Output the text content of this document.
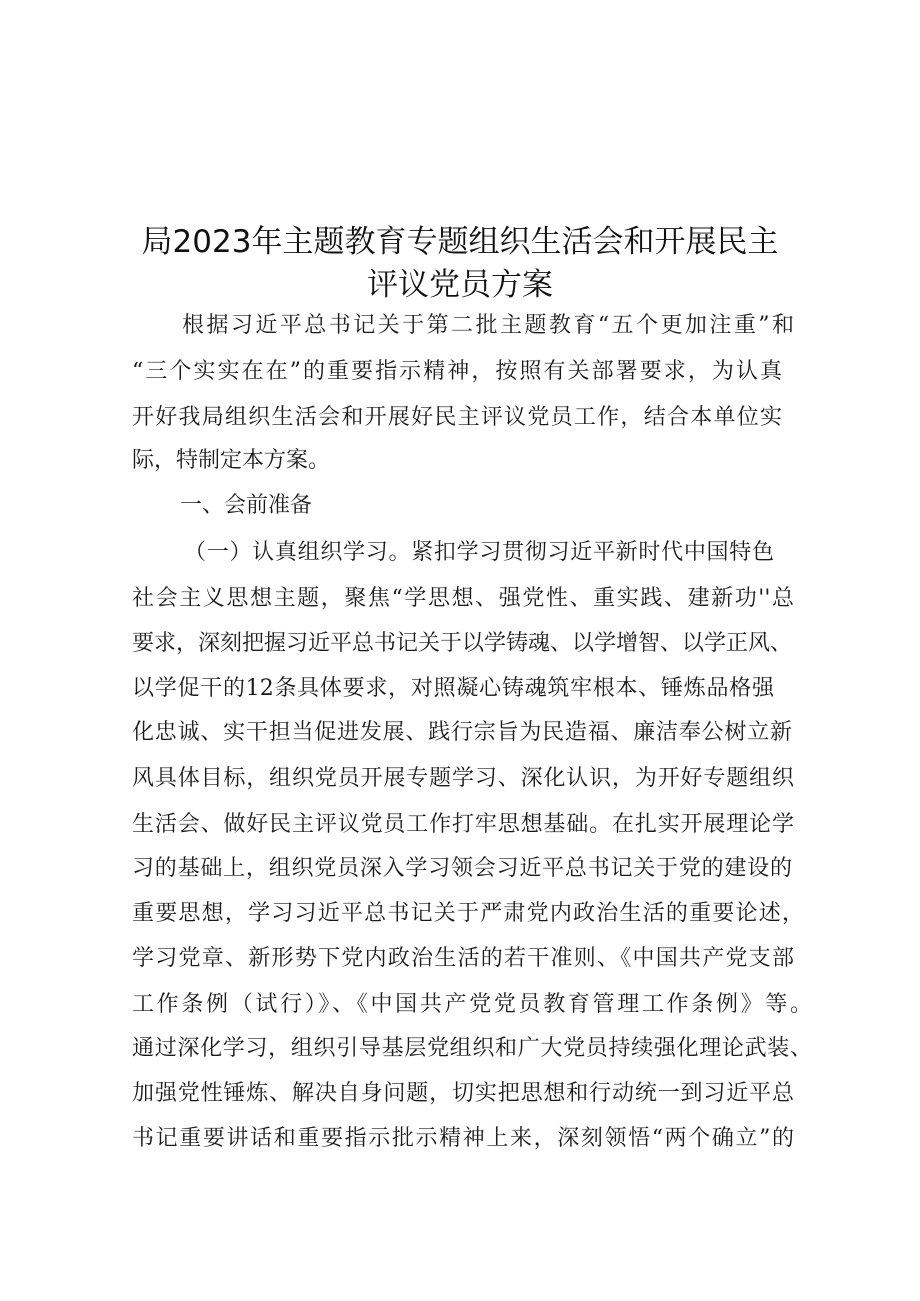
局2023年主题教育专题组织生活会和开展民主
评议党员方案
根据习近平总书记关于第二批主题教育“五个更加注重”和
“三个实实在在”的重要指示精神，按照有关部署要求，为认真
开好我局组织生活会和开展好民主评议党员工作，结合本单位实
际，特制定本方案。
一、会前准备
（一）认真组织学习。紧扣学习贯彻习近平新时代中国特色
社会主义思想主题，聚焦“学思想、强党性、重实践、建新功''总
要求，深刻把握习近平总书记关于以学铸魂、以学增智、以学正风、
以学促干的12条具体要求，对照凝心铸魂筑牢根本、锤炼品格强
化忠诚、实干担当促进发展、践行宗旨为民造福、廉洁奉公树立新
风具体目标，组织党员开展专题学习、深化认识，为开好专题组织
生活会、做好民主评议党员工作打牢思想基础。在扎实开展理论学
习的基础上，组织党员深入学习领会习近平总书记关于党的建设的
重要思想，学习习近平总书记关于严肃党内政治生活的重要论述，
学习党章、新形势下党内政治生活的若干准则、《中国共产党支部
工作条例（试行）》、《中国共产党党员教育管理工作条例》等。
通过深化学习，组织引导基层党组织和广大党员持续强化理论武装、
加强党性锤炼、解决自身问题，切实把思想和行动统一到习近平总
书记重要讲话和重要指示批示精神上来，深刻领悟“两个确立”的
